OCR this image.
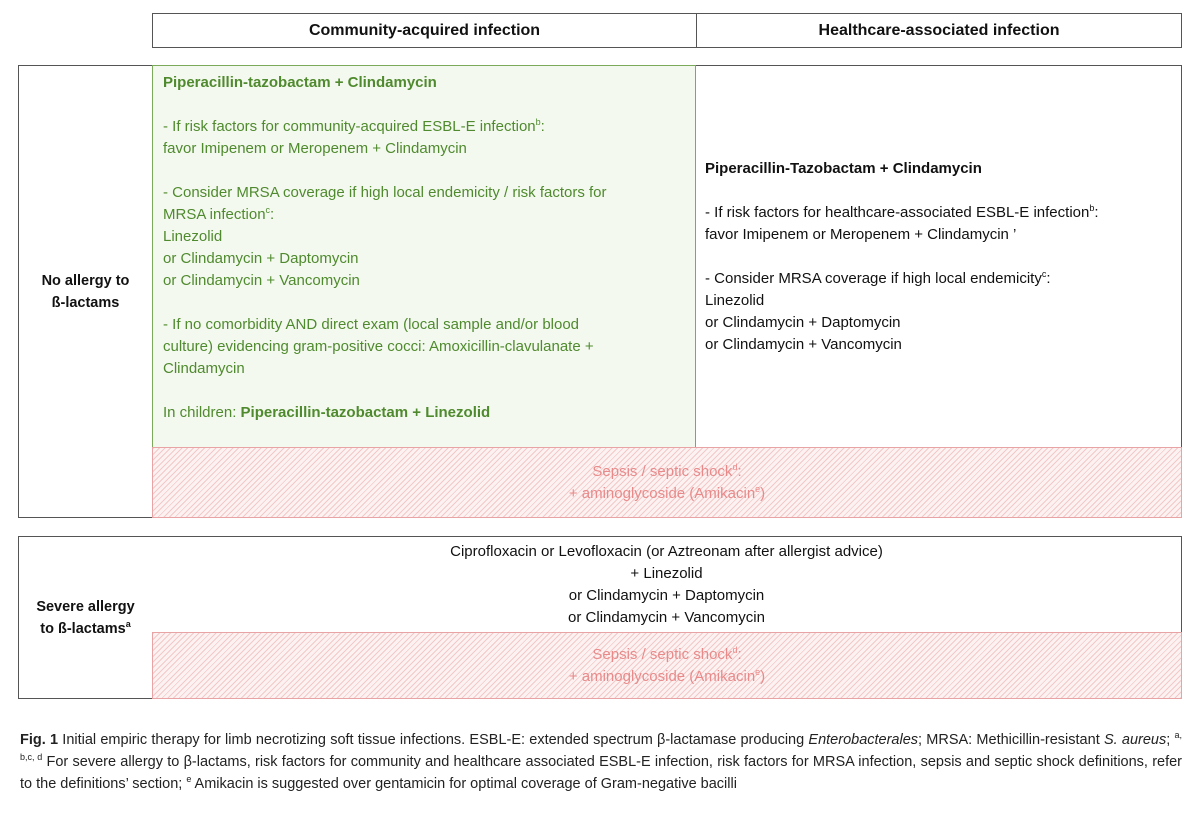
Community-acquired infection	Healthcare-associated infection
No allergy to
ß-lactams
Piperacillin-Tazobactam + Clindamycin
- If risk factors for healthcare-associated ESBL-E infection$^b$:
favor Imipenem or Meropenem + Clindamycin ’
- Consider MRSA coverage if high local endemicity$^c$:
Linezolid
or Clindamycin + Daptomycin
or Clindamycin + Vancomycin
Piperacillin-tazobactam + Clindamycin
- If risk factors for community-acquired ESBL-E infection$^b$:
favor Imipenem or Meropenem + Clindamycin
- Consider MRSA coverage if high local endemicity / risk factors for
MRSA infection$^c$:
Linezolid
or Clindamycin + Daptomycin
or Clindamycin + Vancomycin
- If no comorbidity AND direct exam (local sample and/or blood
culture) evidencing gram-positive cocci: Amoxicillin-clavulanate +
Clindamycin
In children: Piperacillin-tazobactam + Linezolid
Sepsis / septic shock$^d$:
+ aminoglycoside (Amikacin$^e$)
Severe allergy
to ß-lactams$^a$
Ciprofloxacin or Levofloxacin (or Aztreonam after allergist advice)
+ Linezolid
or Clindamycin + Daptomycin
or Clindamycin + Vancomycin
Sepsis / septic shock$^d$:
+ aminoglycoside (Amikacin$^e$)
Fig. 1 Initial empiric therapy for limb necrotizing soft tissue infections. ESBL-E: extended spectrum β-lactamase producing Enterobacterales; MRSA: Methicillin-resistant S. aureus; $^{a, b,c, d}$ For severe allergy to β-lactams, risk factors for community and healthcare associated ESBL-E infection, risk factors for MRSA infection, sepsis and septic shock definitions, refer to the definitions’ section; $^e$ Amikacin is suggested over gentamicin for optimal coverage of Gram-negative bacilli
